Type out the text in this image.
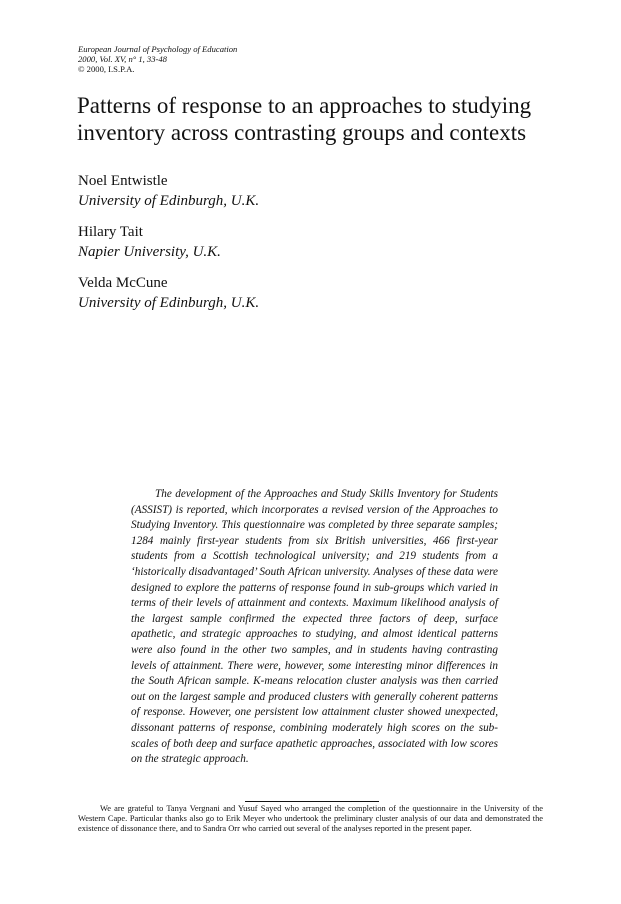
European Journal of Psychology of Education
2000, Vol. XV, n° 1, 33-48
© 2000, I.S.P.A.
Patterns of response to an approaches to studying inventory across contrasting groups and contexts
Noel Entwistle
University of Edinburgh, U.K.
Hilary Tait
Napier University, U.K.
Velda McCune
University of Edinburgh, U.K.

The development of the Approaches and Study Skills Inventory for Students (ASSIST) is reported, which incorporates a revised version of the Approaches to Studying Inventory. This questionnaire was completed by three separate samples; 1284 mainly first-year students from six British universities, 466 first-year students from a Scottish technological university; and 219 students from a ‘historically disadvantaged’ South African university. Analyses of these data were designed to explore the patterns of response found in sub-groups which varied in terms of their levels of attainment and contexts. Maximum likelihood analysis of the largest sample confirmed the expected three factors of deep, surface apathetic, and strategic approaches to studying, and almost identical patterns were also found in the other two samples, and in students having contrasting levels of attainment. There were, however, some interesting minor differences in the South African sample. K-means relocation cluster analysis was then carried out on the largest sample and produced clusters with generally coherent patterns of response. However, one persistent low attainment cluster showed unexpected, dissonant patterns of response, combining moderately high scores on the sub-scales of both deep and surface apathetic approaches, associated with low scores on the strategic approach.

We are grateful to Tanya Vergnani and Yusuf Sayed who arranged the completion of the questionnaire in the University of the Western Cape. Particular thanks also go to Erik Meyer who undertook the preliminary cluster analysis of our data and demonstrated the existence of dissonance there, and to Sandra Orr who carried out several of the analyses reported in the present paper.
